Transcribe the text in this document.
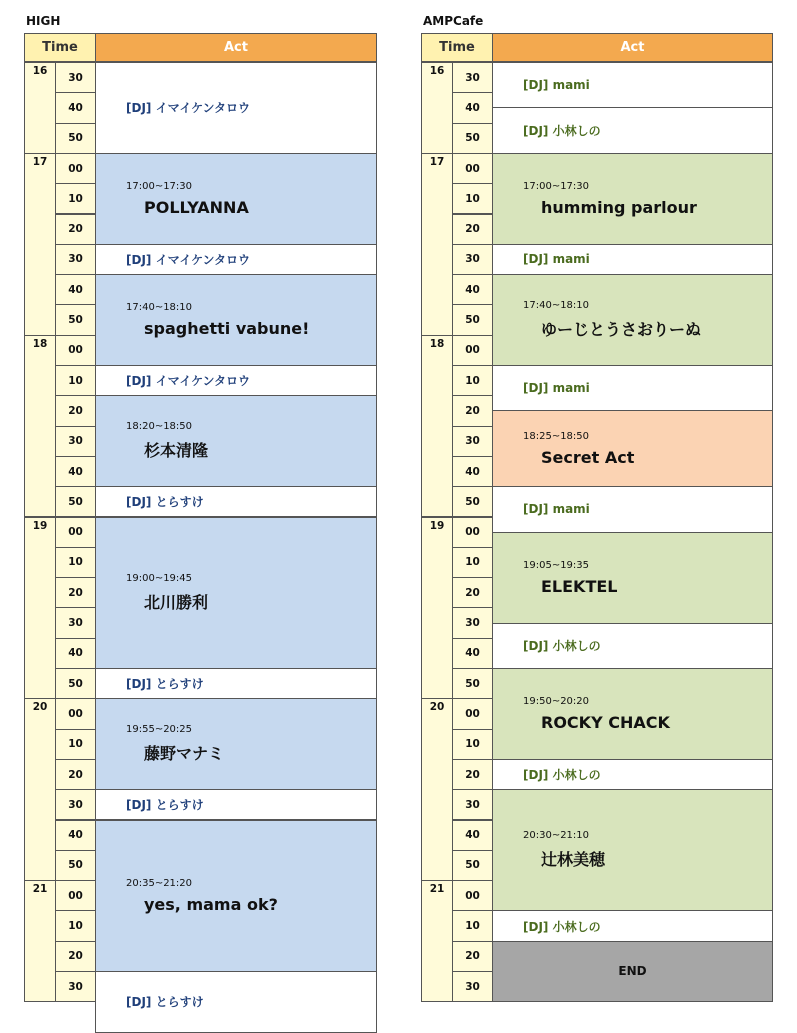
HIGH
Time	Act
16
30
40
50
17
00
10
20
30
40
50
18
00
10
20
30
40
50
19
00
10
20
30
40
50
20
00
10
20
30
40
50
21
00
10
20
30
[DJ] イマイケンタロウ
17:00~17:30
POLLYANNA
[DJ] イマイケンタロウ
17:40~18:10
spaghetti vabune!
[DJ] イマイケンタロウ
18:20~18:50
杉本清隆
[DJ] とらすけ
19:00~19:45
北川勝利
[DJ] とらすけ
19:55~20:25
藤野マナミ
[DJ] とらすけ
20:35~21:20
yes, mama ok?
[DJ] とらすけ
AMPCafe
Time	Act
16
30
40
50
17
00
10
20
30
40
50
18
00
10
20
30
40
50
19
00
10
20
30
40
50
20
00
10
20
30
40
50
21
00
10
20
30
[DJ] mami
[DJ] 小林しの
17:00~17:30
humming parlour
[DJ] mami
17:40~18:10
ゆーじとうさおりーぬ
[DJ] mami
18:25~18:50
Secret Act
[DJ] mami
19:05~19:35
ELEKTEL
[DJ] 小林しの
19:50~20:20
ROCKY CHACK
[DJ] 小林しの
20:30~21:10
辻林美穂
[DJ] 小林しの
END
